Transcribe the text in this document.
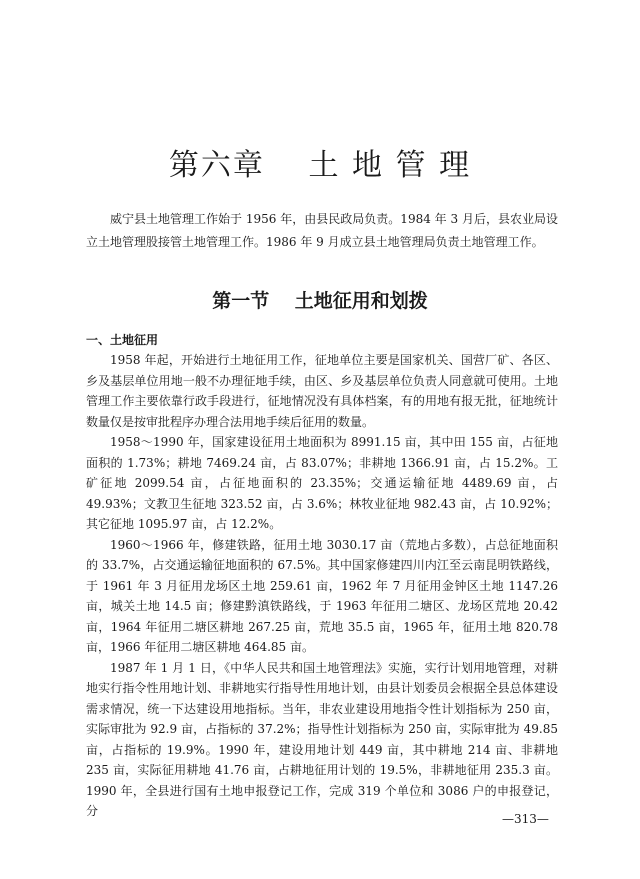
第六章　 土 地 管 理

威宁县土地管理工作始于 1956 年，由县民政局负责。1984 年 3 月后，县农业局设立土地管理股接管土地管理工作。1986 年 9 月成立县土地管理局负责土地管理工作。

第一节　 土地征用和划拨
一、土地征用

1958 年起，开始进行土地征用工作，征地单位主要是国家机关、国营厂矿、各区、乡及基层单位用地一般不办理征地手续，由区、乡及基层单位负责人同意就可使用。土地管理工作主要依靠行政手段进行，征地情况没有具体档案，有的用地有报无批，征地统计数量仅是按审批程序办理合法用地手续后征用的数量。

1958～1990 年，国家建设征用土地面积为 8991.15 亩，其中田 155 亩，占征地面积的 1.73%；耕地 7469.24 亩，占 83.07%；非耕地 1366.91 亩，占 15.2%。工矿征地 2099.54 亩，占征地面积的 23.35%；交通运输征地 4489.69 亩，占 49.93%；文教卫生征地 323.52 亩，占 3.6%；林牧业征地 982.43 亩，占 10.92%；其它征地 1095.97 亩，占 12.2%。

1960～1966 年，修建铁路，征用土地 3030.17 亩（荒地占多数），占总征地面积的 33.7%，占交通运输征地面积的 67.5%。其中国家修建四川内江至云南昆明铁路线，于 1961 年 3 月征用龙场区土地 259.61 亩，1962 年 7 月征用金钟区土地 1147.26 亩，城关土地 14.5 亩；修建黔滇铁路线，于 1963 年征用二塘区、龙场区荒地 20.42 亩，1964 年征用二塘区耕地 267.25 亩，荒地 35.5 亩，1965 年，征用土地 820.78 亩，1966 年征用二塘区耕地 464.85 亩。

1987 年 1 月 1 日，《中华人民共和国土地管理法》实施，实行计划用地管理，对耕地实行指令性用地计划、非耕地实行指导性用地计划，由县计划委员会根据全县总体建设需求情况，统一下达建设用地指标。当年，非农业建设用地指令性计划指标为 250 亩，实际审批为 92.9 亩，占指标的 37.2%；指导性计划指标为 250 亩，实际审批为 49.85 亩，占指标的 19.9%。1990 年，建设用地计划 449 亩，其中耕地 214 亩、非耕地 235 亩，实际征用耕地 41.76 亩，占耕地征用计划的 19.5%，非耕地征用 235.3 亩。1990 年，全县进行国有土地申报登记工作，完成 319 个单位和 3086 户的申报登记，分

—313—
